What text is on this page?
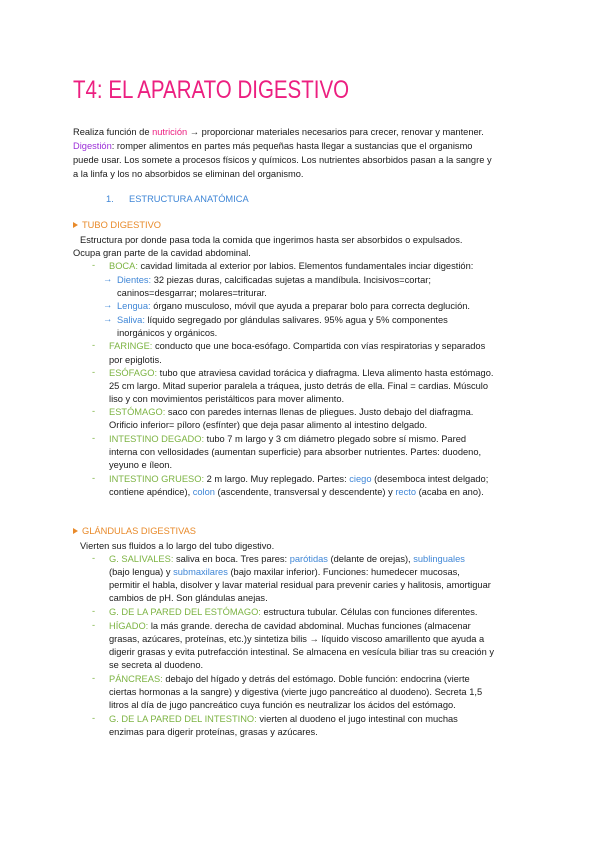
T4: EL APARATO DIGESTIVO
Realiza función de nutrición → proporcionar materiales necesarios para crecer, renovar y mantener.
Digestión: romper alimentos en partes más pequeñas hasta llegar a sustancias que el organismo
puede usar. Los somete a procesos físicos y químicos. Los nutrientes absorbidos pasan a la sangre y
a la linfa y los no absorbidos se eliminan del organismo.
1. ESTRUCTURA ANATÓMICA
TUBO DIGESTIVO
Estructura por donde pasa toda la comida que ingerimos hasta ser absorbidos o expulsados.
Ocupa gran parte de la cavidad abdominal.
- BOCA: cavidad limitada al exterior por labios. Elementos fundamentales inciar digestión:
→ Dientes: 32 piezas duras, calcificadas sujetas a mandíbula. Incisivos=cortar;
caninos=desgarrar; molares=triturar.
→ Lengua: órgano musculoso, móvil que ayuda a preparar bolo para correcta deglución.
→ Saliva: líquido segregado por glándulas salivares. 95% agua y 5% componentes
inorgánicos y orgánicos.
- FARINGE: conducto que une boca-esófago. Compartida con vías respiratorias y separados
por epiglotis.
- ESÓFAGO: tubo que atraviesa cavidad torácica y diafragma. Lleva alimento hasta estómago.
25 cm largo. Mitad superior paralela a tráquea, justo detrás de ella. Final = cardias. Músculo
liso y con movimientos peristálticos para mover alimento.
- ESTÓMAGO: saco con paredes internas llenas de pliegues. Justo debajo del diafragma.
Orificio inferior= píloro (esfínter) que deja pasar alimento al intestino delgado.
- INTESTINO DEGADO: tubo 7 m largo y 3 cm diámetro plegado sobre sí mismo. Pared
interna con vellosidades (aumentan superficie) para absorber nutrientes. Partes: duodeno,
yeyuno e íleon.
- INTESTINO GRUESO: 2 m largo. Muy replegado. Partes: ciego (desemboca intest delgado;
contiene apéndice), colon (ascendente, transversal y descendente) y recto (acaba en ano).
GLÁNDULAS DIGESTIVAS
Vierten sus fluidos a lo largo del tubo digestivo.
- G. SALIVALES: saliva en boca. Tres pares: parótidas (delante de orejas), sublinguales
(bajo lengua) y submaxilares (bajo maxilar inferior). Funciones: humedecer mucosas,
permitir el habla, disolver y lavar material residual para prevenir caries y halitosis, amortiguar
cambios de pH. Son glándulas anejas.
- G. DE LA PARED DEL ESTÓMAGO: estructura tubular. Células con funciones diferentes.
- HÍGADO: la más grande. derecha de cavidad abdominal. Muchas funciones (almacenar
grasas, azúcares, proteínas, etc.)y sintetiza bilis → líquido viscoso amarillento que ayuda a
digerir grasas y evita putrefacción intestinal. Se almacena en vesícula biliar tras su creación y
se secreta al duodeno.
- PÁNCREAS: debajo del hígado y detrás del estómago. Doble función: endocrina (vierte
ciertas hormonas a la sangre) y digestiva (vierte jugo pancreático al duodeno). Secreta 1,5
litros al día de jugo pancreático cuya función es neutralizar los ácidos del estómago.
- G. DE LA PARED DEL INTESTINO: vierten al duodeno el jugo intestinal con muchas
enzimas para digerir proteínas, grasas y azúcares.
